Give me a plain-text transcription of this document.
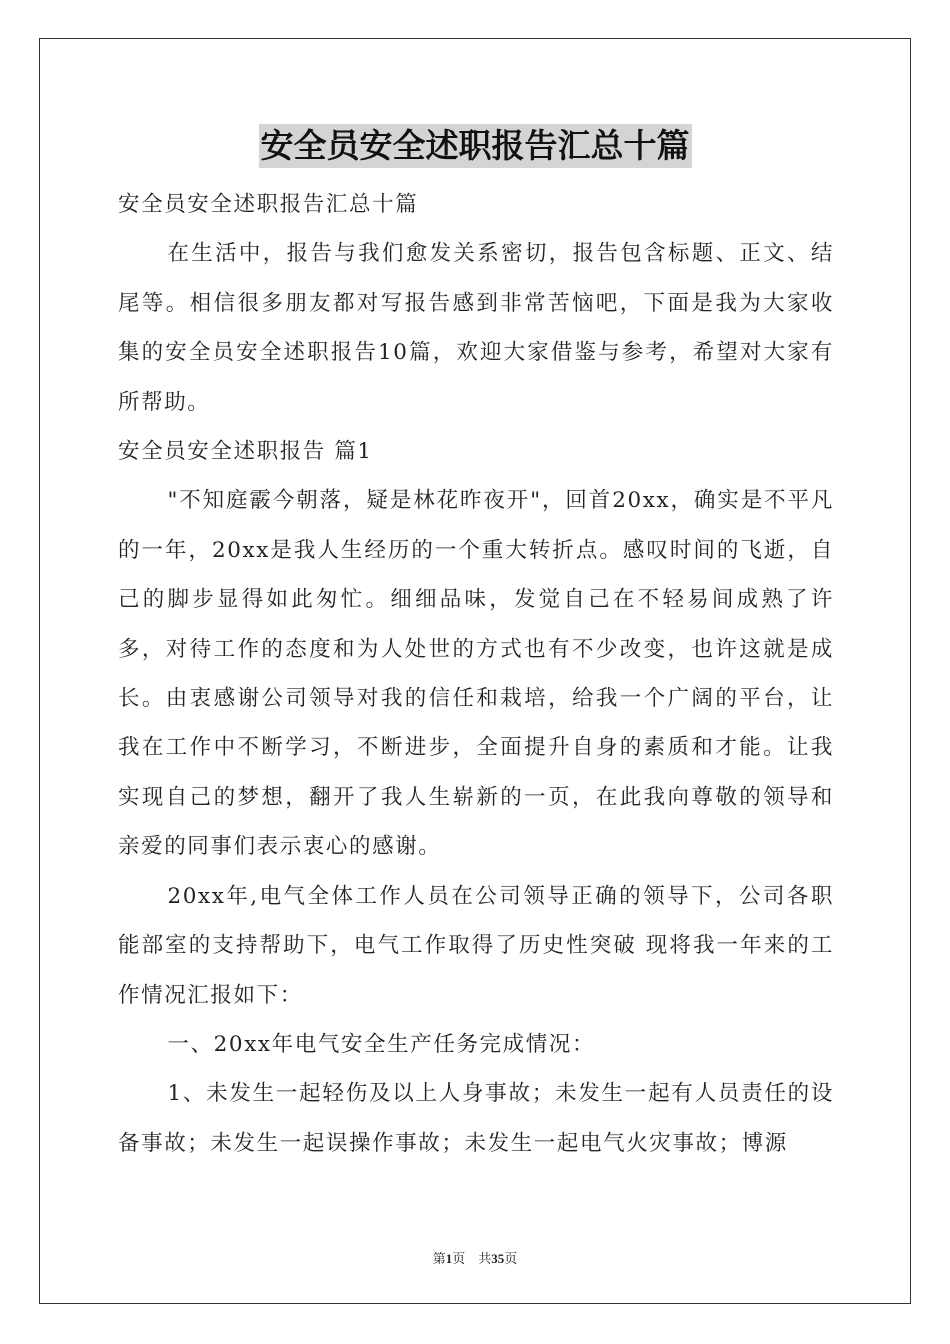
安全员安全述职报告汇总十篇

安全员安全述职报告汇总十篇

在生活中，报告与我们愈发关系密切，报告包含标题、正文、结尾等。相信很多朋友都对写报告感到非常苦恼吧，下面是我为大家收集的安全员安全述职报告10篇，欢迎大家借鉴与参考，希望对大家有所帮助。

安全员安全述职报告 篇1

"不知庭霰今朝落，疑是林花昨夜开"，回首20xx，确实是不平凡的一年，20xx是我人生经历的一个重大转折点。感叹时间的飞逝，自己的脚步显得如此匆忙。细细品味，发觉自己在不轻易间成熟了许多，对待工作的态度和为人处世的方式也有不少改变，也许这就是成长。由衷感谢公司领导对我的信任和栽培，给我一个广阔的平台，让我在工作中不断学习，不断进步，全面提升自身的素质和才能。让我实现自己的梦想，翻开了我人生崭新的一页，在此我向尊敬的领导和亲爱的同事们表示衷心的感谢。

20xx年,电气全体工作人员在公司领导正确的领导下，公司各职能部室的支持帮助下，电气工作取得了历史性突破 现将我一年来的工作情况汇报如下：

一、20xx年电气安全生产任务完成情况：

1、未发生一起轻伤及以上人身事故；未发生一起有人员责任的设备事故；未发生一起误操作事故；未发生一起电气火灾事故；博源

第1页　共35页
